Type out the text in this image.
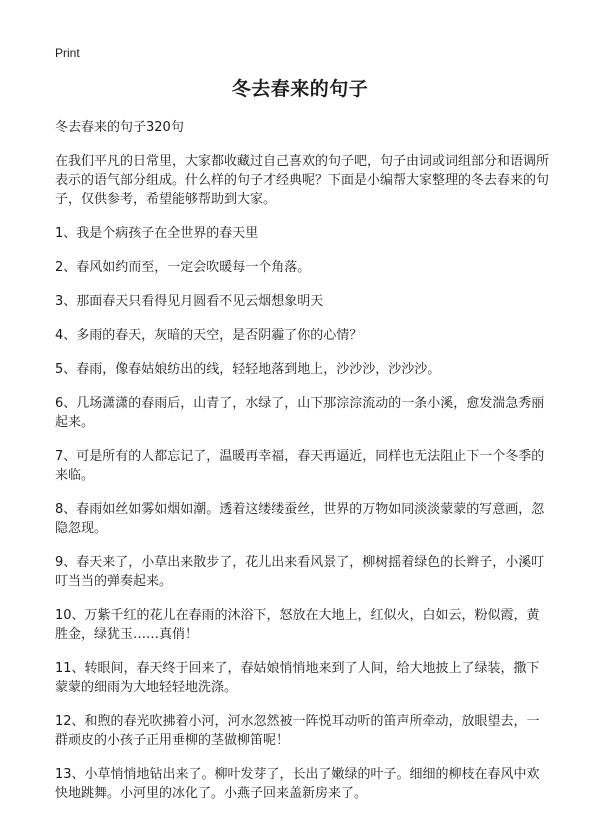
Print
冬去春来的句子

冬去春来的句子320句

在我们平凡的日常里，大家都收藏过自己喜欢的句子吧，句子由词或词组部分和语调所表示的语气部分组成。什么样的句子才经典呢？下面是小编帮大家整理的冬去春来的句子，仅供参考，希望能够帮助到大家。

1、我是个病孩子在全世界的春天里

2、春风如约而至，一定会吹暖每一个角落。

3、那面春天只看得见月圆看不见云烟想象明天

4、多雨的春天，灰暗的天空，是否阴霾了你的心情？

5、春雨，像春姑娘纺出的线，轻轻地落到地上，沙沙沙，沙沙沙。

6、几场潇潇的春雨后，山青了，水绿了，山下那淙淙流动的一条小溪，愈发湍急秀丽起来。

7、可是所有的人都忘记了，温暖再幸福，春天再逼近，同样也无法阻止下一个冬季的来临。

8、春雨如丝如雾如烟如潮。透着这缕缕蚕丝，世界的万物如同淡淡蒙蒙的写意画，忽隐忽现。

9、春天来了，小草出来散步了，花儿出来看风景了，柳树摇着绿色的长辫子，小溪叮叮当当的弹奏起来。

10、万紫千红的花儿在春雨的沐浴下，怒放在大地上，红似火，白如云，粉似霞，黄胜金，绿犹玉……真俏！

11、转眼间，春天终于回来了，春姑娘悄悄地来到了人间，给大地披上了绿装，撒下蒙蒙的细雨为大地轻轻地洗涤。

12、和煦的春光吹拂着小河，河水忽然被一阵悦耳动听的笛声所牵动，放眼望去，一群顽皮的小孩子正用垂柳的茎做柳笛呢！

13、小草悄悄地钻出来了。柳叶发芽了，长出了嫩绿的叶子。细细的柳枝在春风中欢快地跳舞。小河里的冰化了。小燕子回来盖新房来了。
